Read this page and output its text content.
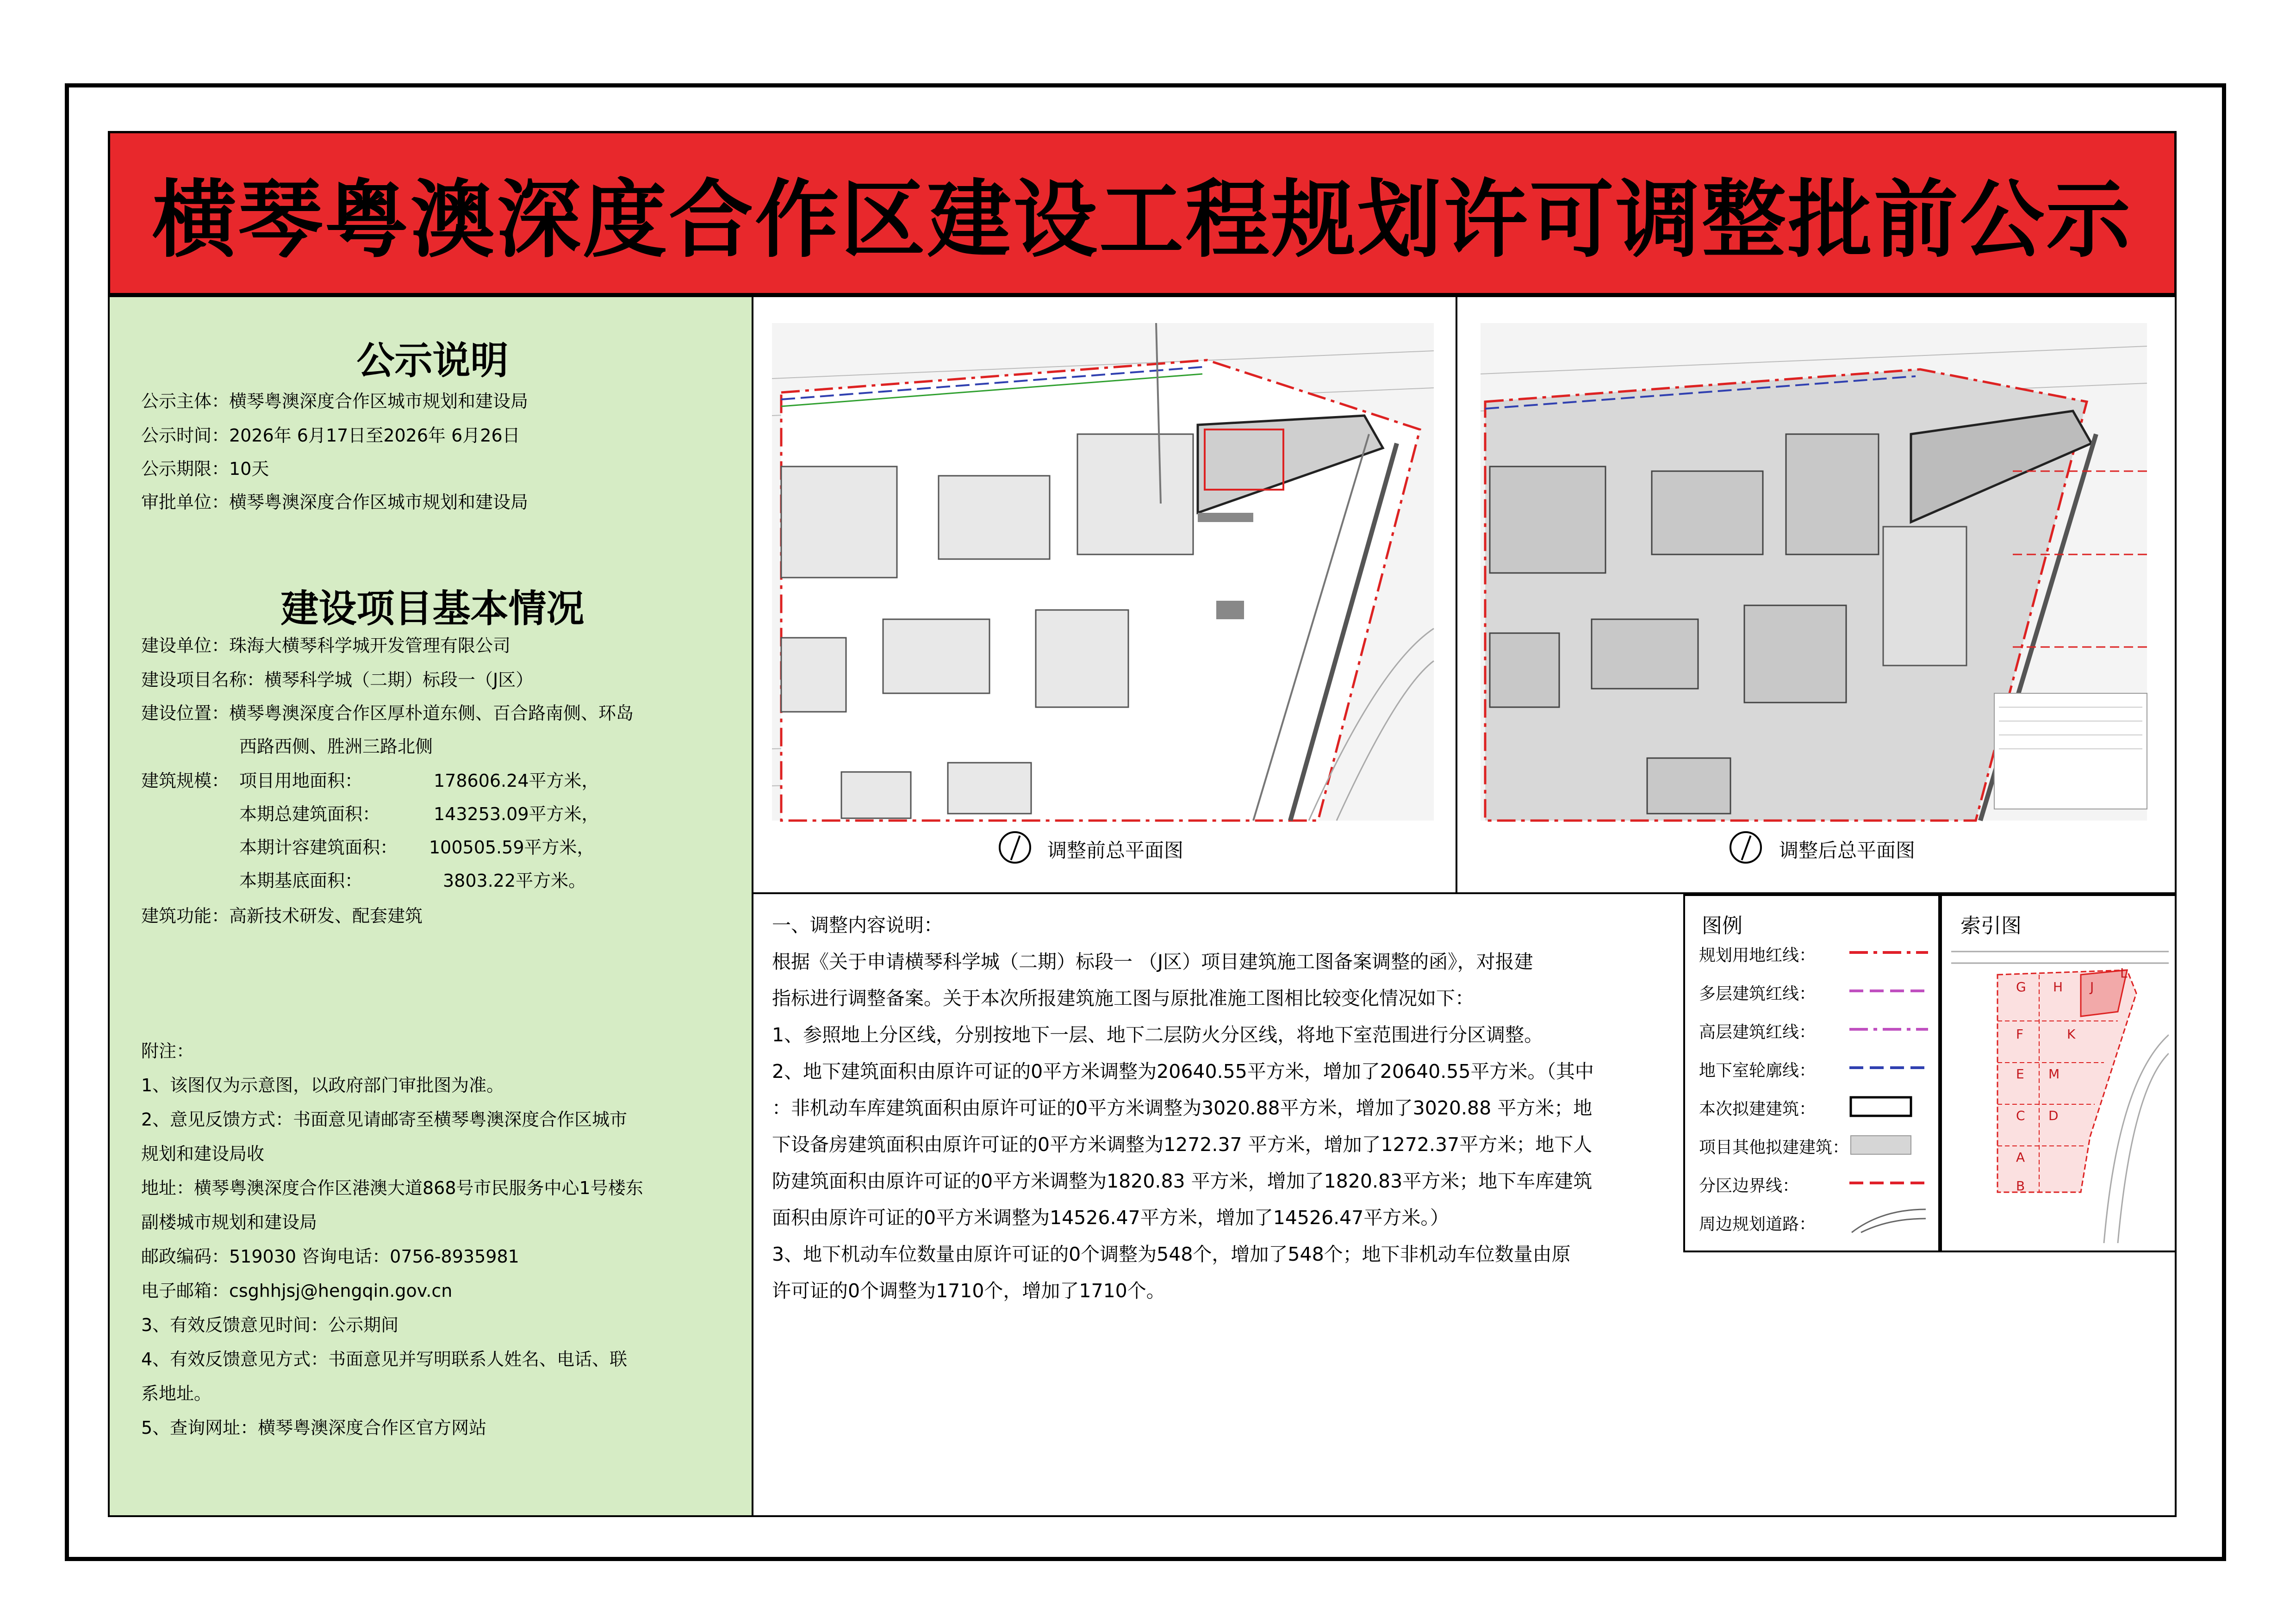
横琴粤澳深度合作区建设工程规划许可调整批前公示
公示说明
公示主体：横琴粤澳深度合作区城市规划和建设局
公示时间：2026年 6月17日至2026年 6月26日
公示期限：10天
审批单位：横琴粤澳深度合作区城市规划和建设局
建设项目基本情况
建设单位：珠海大横琴科学城开发管理有限公司
建设项目名称：横琴科学城（二期）标段一（J区）
建设位置：横琴粤澳深度合作区厚朴道东侧、百合路南侧、环岛
西路西侧、胜洲三路北侧
建筑规模： 项目用地面积：	178606.24平方米，
本期总建筑面积：	143253.09平方米，
本期计容建筑面积： 100505.59平方米，
本期基底面积：	3803.22平方米。
建筑功能：高新技术研发、配套建筑
附注：
1、该图仅为示意图，以政府部门审批图为准。
2、意见反馈方式：书面意见请邮寄至横琴粤澳深度合作区城市
规划和建设局收
地址：横琴粤澳深度合作区港澳大道868号市民服务中心1号楼东
副楼城市规划和建设局
邮政编码：519030 咨询电话：0756-8935981
电子邮箱：csghhjsj@hengqin.gov.cn
3、有效反馈意见时间：公示期间
4、有效反馈意见方式：书面意见并写明联系人姓名、电话、联
系地址。
5、查询网址：横琴粤澳深度合作区官方网站
调整前总平面图	调整后总平面图
一、调整内容说明：
根据《关于申请横琴科学城（二期）标段一 （J区）项目建筑施工图备案调整的函》，对报建
指标进行调整备案。关于本次所报建筑施工图与原批准施工图相比较变化情况如下：
1、参照地上分区线，分别按地下一层、地下二层防火分区线，将地下室范围进行分区调整。
2、地下建筑面积由原许可证的0平方米调整为20640.55平方米，增加了20640.55平方米。（其中
：非机动车库建筑面积由原许可证的0平方米调整为3020.88平方米，增加了3020.88 平方米；地
下设备房建筑面积由原许可证的0平方米调整为1272.37 平方米，增加了1272.37平方米；地下人
防建筑面积由原许可证的0平方米调整为1820.83 平方米，增加了1820.83平方米；地下车库建筑
面积由原许可证的0平方米调整为14526.47平方米，增加了14526.47平方米。）
3、地下机动车位数量由原许可证的0个调整为548个，增加了548个；地下非机动车位数量由原
许可证的0个调整为1710个，增加了1710个。
图例
规划用地红线：
多层建筑红线：
高层建筑红线：
地下室轮廓线：
本次拟建建筑：
项目其他拟建建筑：
分区边界线：
周边规划道路：
索引图
G H J
L
F	K
E M
C D
A
B
